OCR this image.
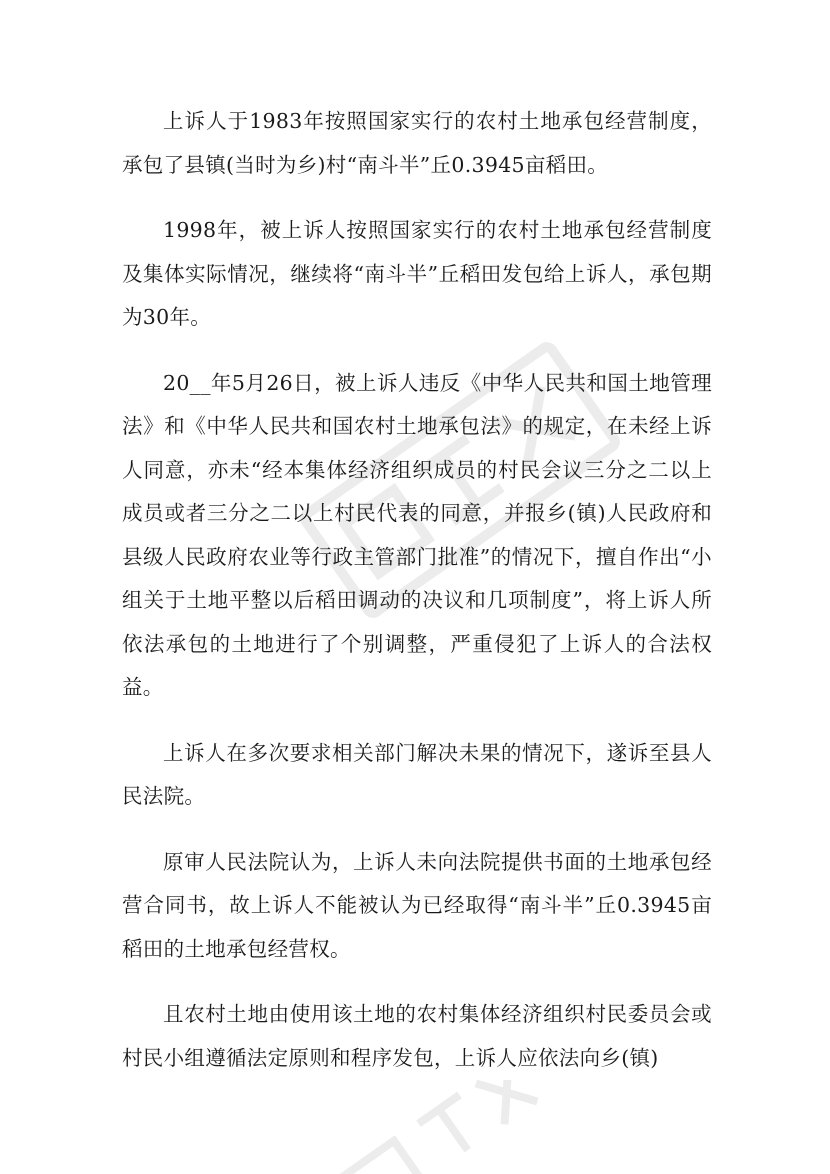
上诉人于1983年按照国家实行的农村土地承包经营制度，承包了县镇(当时为乡)村“南斗半”丘0.3945亩稻田。

1998年，被上诉人按照国家实行的农村土地承包经营制度及集体实际情况，继续将“南斗半”丘稻田发包给上诉人，承包期为30年。

20__年5月26日，被上诉人违反《中华人民共和国土地管理法》和《中华人民共和国农村土地承包法》的规定，在未经上诉人同意，亦未“经本集体经济组织成员的村民会议三分之二以上成员或者三分之二以上村民代表的同意，并报乡(镇)人民政府和县级人民政府农业等行政主管部门批准”的情况下，擅自作出“小组关于土地平整以后稻田调动的决议和几项制度”，将上诉人所依法承包的土地进行了个别调整，严重侵犯了上诉人的合法权益。

上诉人在多次要求相关部门解决未果的情况下，遂诉至县人民法院。

原审人民法院认为，上诉人未向法院提供书面的土地承包经营合同书，故上诉人不能被认为已经取得“南斗半”丘0.3945亩稻田的土地承包经营权。

且农村土地由使用该土地的农村集体经济组织村民委员会或村民小组遵循法定原则和程序发包，上诉人应依法向乡(镇)
